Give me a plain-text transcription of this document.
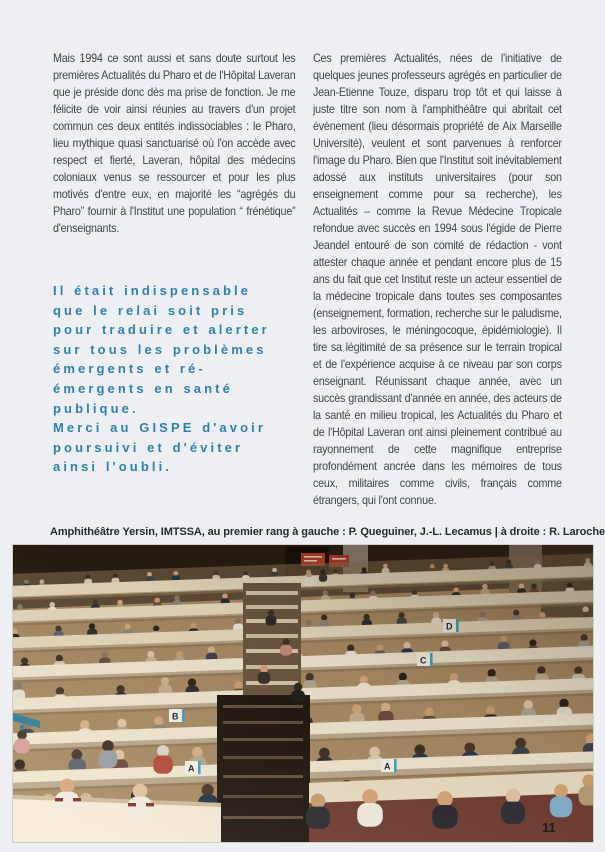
Mais 1994 ce sont aussi et sans doute surtout les premières Actualités du Pharo et de l'Hôpital Laveran que je préside donc dès ma prise de fonction. Je me félicite de voir ainsi réunies au travers d'un projet commun ces deux entités indissociables : le Pharo, lieu mythique quasi sanctuarisé où l'on accède avec respect et fierté, Laveran, hôpital des médecins coloniaux venus se ressourcer et pour les plus motivés d'entre eux, en majorité les “agrégés du Pharo” fournir à l'Institut une population “ frénétique” d'enseignants.

Il était indispensable que le relai soit pris pour traduire et alerter sur tous les problèmes émergents et ré-émergents en santé publique.

Merci au GISPE d'avoir poursuivi et d'éviter ainsi l'oubli.

Ces premières Actualités, nées de l'initiative de quelques jeunes professeurs agrégés en particulier de Jean-Etienne Touze, disparu trop tôt et qui laisse à juste titre son nom à l'amphithéâtre qui abritait cet évènement (lieu désormais propriété de Aix Marseille Université), veulent et sont parvenues à renforcer l'image du Pharo. Bien que l'Institut soit inévitablement adossé aux instituts universitaires (pour son enseignement comme pour sa recherche), les Actualités – comme la Revue Médecine Tropicale refondue avec succès en 1994 sous l'égide de Pierre Jeandel entouré de son comité de rédaction - vont attester chaque année et pendant encore plus de 15 ans du fait que cet Institut reste un acteur essentiel de la médecine tropicale dans toutes ses composantes (enseignement, formation, recherche sur le paludisme, les arboviroses, le méningocoque, épidémiologie). Il tire sa légitimité de sa présence sur le terrain tropical et de l'expérience acquise à ce niveau par son corps enseignant. Réunissant chaque année, avec un succès grandissant d'année en année, des acteurs de la santé en milieu tropical, les Actualités du Pharo et de l'Hôpital Laveran ont ainsi pleinement contribué au rayonnement de cette magnifique entreprise profondément ancrée dans les mémoires de tous ceux, militaires comme civils, français comme étrangers, qui l'ont connue.

Amphithéâtre Yersin, IMTSSA, au premier rang à gauche : P. Queguiner, J.-L. Lecamus | à droite : R. Laroche
11
